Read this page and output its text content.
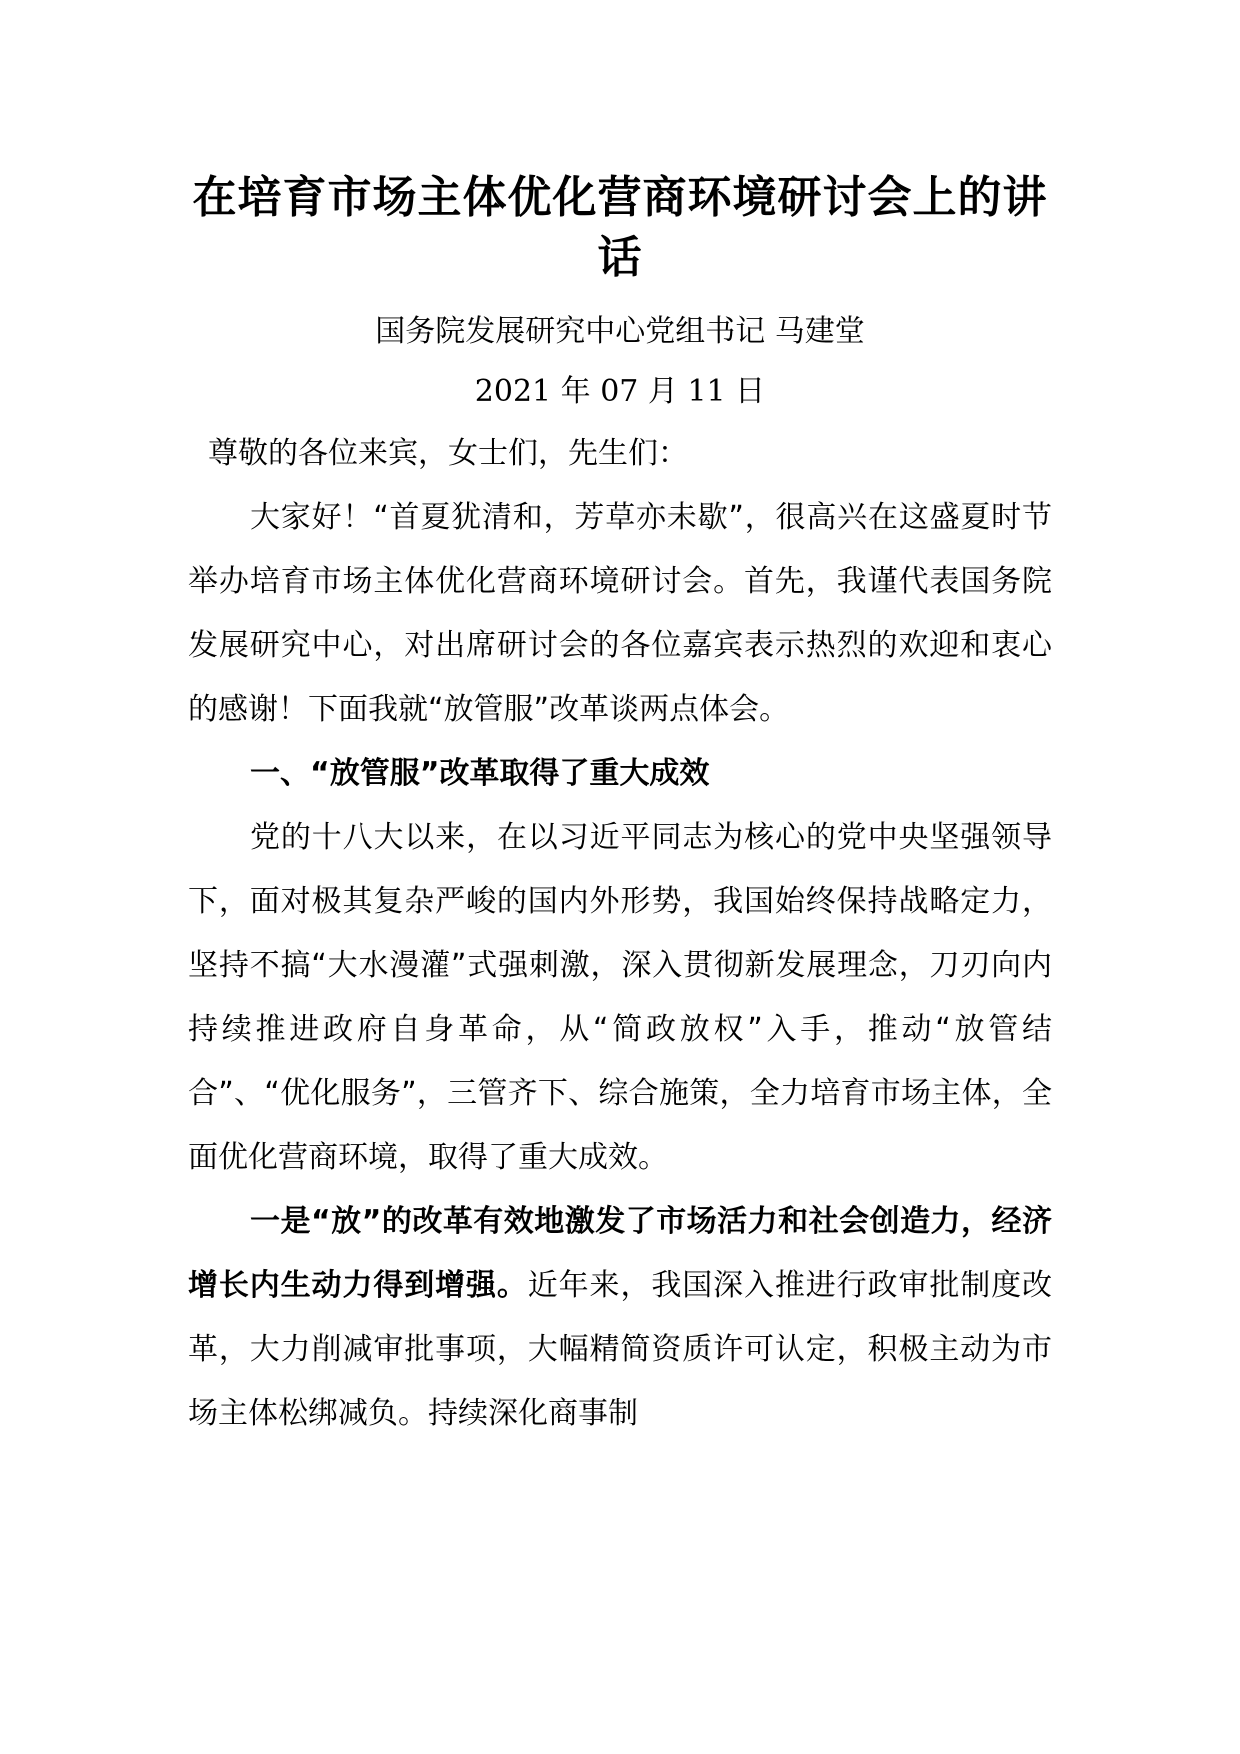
在培育市场主体优化营商环境研讨会上的讲话
国务院发展研究中心党组书记 马建堂
2021 年 07 月 11 日
尊敬的各位来宾，女士们，先生们：

大家好！“首夏犹清和，芳草亦未歇”，很高兴在这盛夏时节举办培育市场主体优化营商环境研讨会。首先，我谨代表国务院发展研究中心，对出席研讨会的各位嘉宾表示热烈的欢迎和衷心的感谢！下面我就“放管服”改革谈两点体会。

一、“放管服”改革取得了重大成效

党的十八大以来，在以习近平同志为核心的党中央坚强领导下，面对极其复杂严峻的国内外形势，我国始终保持战略定力，坚持不搞“大水漫灌”式强刺激，深入贯彻新发展理念，刀刃向内持续推进政府自身革命，从“简政放权”入手，推动“放管结合”、“优化服务”，三管齐下、综合施策，全力培育市场主体，全面优化营商环境，取得了重大成效。

一是“放”的改革有效地激发了市场活力和社会创造力，经济增长内生动力得到增强。近年来，我国深入推进行政审批制度改革，大力削减审批事项，大幅精简资质许可认定，积极主动为市场主体松绑减负。持续深化商事制
